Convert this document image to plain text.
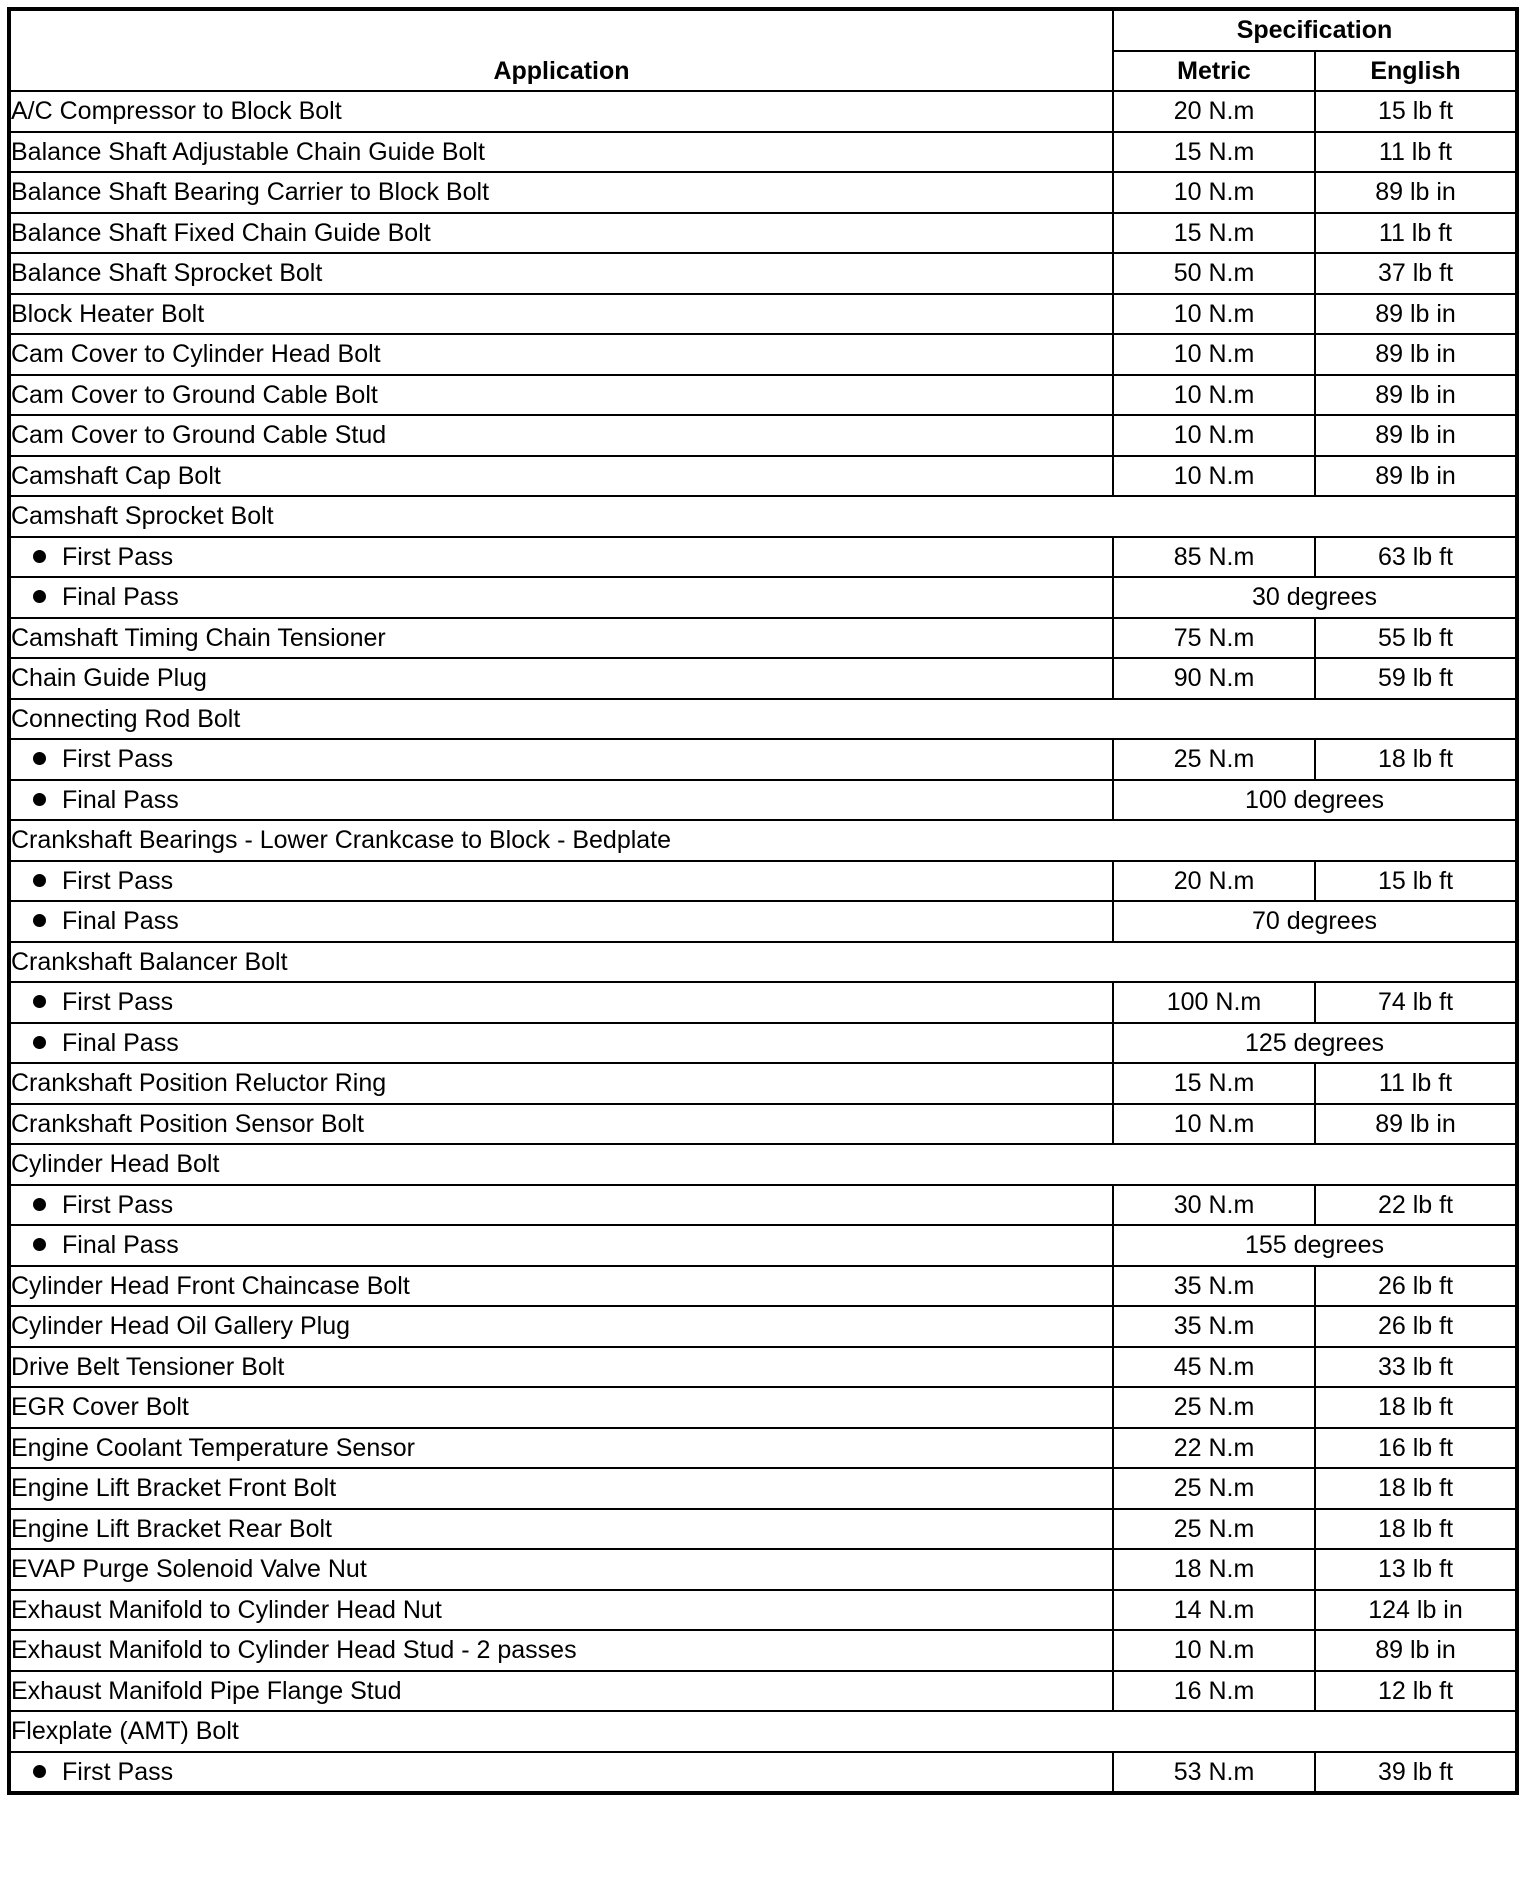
Application	Specification	
	Metric	English
A/C Compressor to Block Bolt	20 N.m	15 lb ft
Balance Shaft Adjustable Chain Guide Bolt	15 N.m	11 lb ft
Balance Shaft Bearing Carrier to Block Bolt	10 N.m	89 lb in
Balance Shaft Fixed Chain Guide Bolt	15 N.m	11 lb ft
Balance Shaft Sprocket Bolt	50 N.m	37 lb ft
Block Heater Bolt	10 N.m	89 lb in
Cam Cover to Cylinder Head Bolt	10 N.m	89 lb in
Cam Cover to Ground Cable Bolt	10 N.m	89 lb in
Cam Cover to Ground Cable Stud	10 N.m	89 lb in
Camshaft Cap Bolt	10 N.m	89 lb in
Camshaft Sprocket Bolt		
First Pass	85 N.m	63 lb ft
Final Pass	30 degrees	
Camshaft Timing Chain Tensioner	75 N.m	55 lb ft
Chain Guide Plug	90 N.m	59 lb ft
Connecting Rod Bolt		
First Pass	25 N.m	18 lb ft
Final Pass	100 degrees	
Crankshaft Bearings - Lower Crankcase to Block - Bedplate		
First Pass	20 N.m	15 lb ft
Final Pass	70 degrees	
Crankshaft Balancer Bolt		
First Pass	100 N.m	74 lb ft
Final Pass	125 degrees	
Crankshaft Position Reluctor Ring	15 N.m	11 lb ft
Crankshaft Position Sensor Bolt	10 N.m	89 lb in
Cylinder Head Bolt		
First Pass	30 N.m	22 lb ft
Final Pass	155 degrees	
Cylinder Head Front Chaincase Bolt	35 N.m	26 lb ft
Cylinder Head Oil Gallery Plug	35 N.m	26 lb ft
Drive Belt Tensioner Bolt	45 N.m	33 lb ft
EGR Cover Bolt	25 N.m	18 lb ft
Engine Coolant Temperature Sensor	22 N.m	16 lb ft
Engine Lift Bracket Front Bolt	25 N.m	18 lb ft
Engine Lift Bracket Rear Bolt	25 N.m	18 lb ft
EVAP Purge Solenoid Valve Nut	18 N.m	13 lb ft
Exhaust Manifold to Cylinder Head Nut	14 N.m	124 lb in
Exhaust Manifold to Cylinder Head Stud - 2 passes	10 N.m	89 lb in
Exhaust Manifold Pipe Flange Stud	16 N.m	12 lb ft
Flexplate (AMT) Bolt		
First Pass	53 N.m	39 lb ft
